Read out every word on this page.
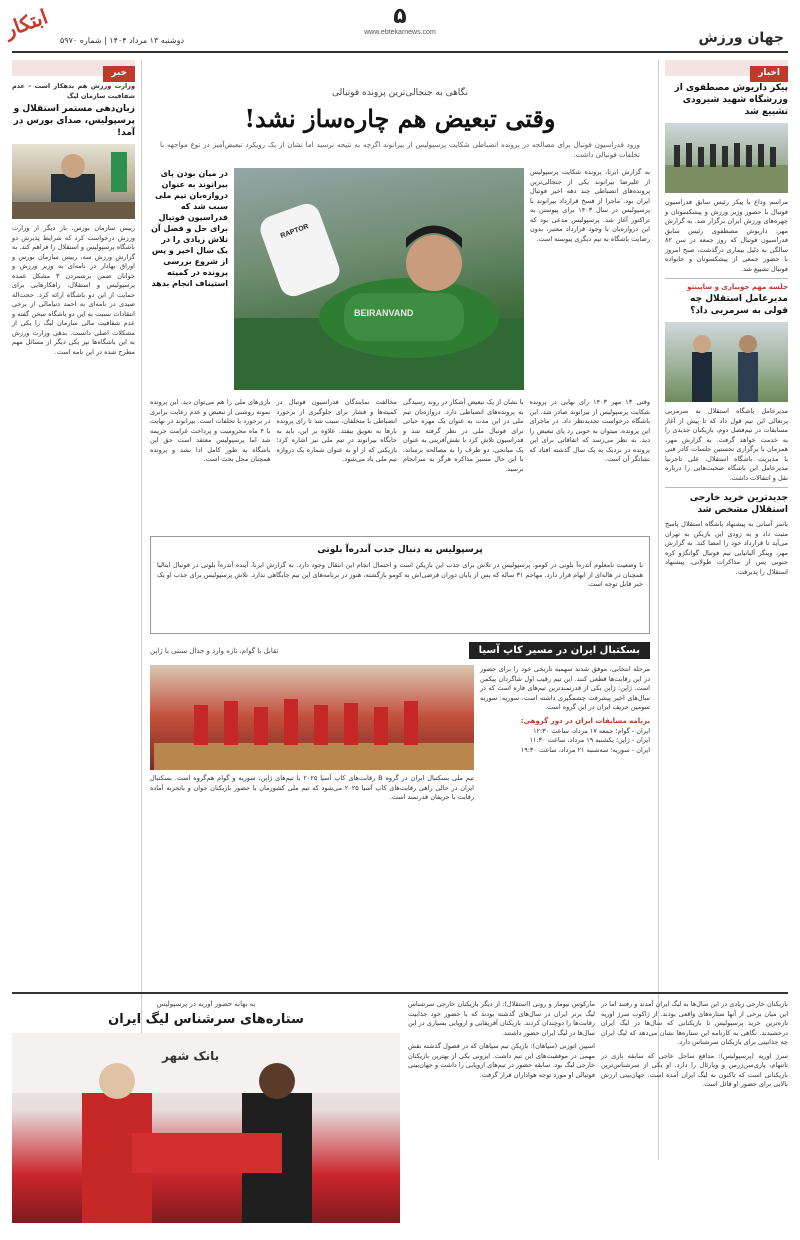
ابتکار	دوشنبه ۱۳ مرداد ۱۴۰۴ | شماره ۵۹۷۰
۵
www.ebtekarnews.com	جهان ورزش
اخبار
پیکر داریوش مصطفوی از وزرشگاه شهید شیرودی تشییع شد
مراسم وداع با پیکر رئیس سابق فدراسیون فوتبال با حضور وزیر ورزش و پیشکسوتان و چهره‌های ورزش ایران برگزار شد. به گزارش مهر، داریوش مصطفوی رئیس سابق فدراسیون فوتبال که روز جمعه در سن ۸۲ سالگی به دلیل بیماری درگذشت، صبح امروز با حضور جمعی از پیشکسوتان و خانواده فوتبال تشییع شد.
جلسه مهم جویباری و ساپینتو
مدیرعامل استقلال چه قولی به سرمربی داد؟
مدیرعامل باشگاه استقلال به سرمربی پرتغالی این تیم قول داد که تا پیش از آغاز مسابقات در نیم‌فصل دوم، بازیکنان جدیدی را به خدمت خواهد گرفت. به گزارش مهر، همزمان با برگزاری نخستین جلسات کادر فنی با مدیریت باشگاه استقلال، علی تاجرنیا مدیرعامل این باشگاه صحبت‌هایی را درباره نقل و انتقالات داشت.
جدیدترین خرید خارجی استقلال مشخص شد
یاسر آسانی به پیشنهاد باشگاه استقلال پاسخ مثبت داد و به زودی این بازیکن به تهران می‌آید تا قرارداد خود را امضا کند. به گزارش مهر، وینگر آلبانیایی تیم فوتبال گوانگژو کره جنوبی پس از مذاکرات طولانی، پیشنهاد استقلال را پذیرفت.
خبر
وزارت ورزش هم بدهکار است - عدم شفافیت سازمان لیگ
زبان‌دهی مستمر استقلال و پرسپولیس، صدای بورس در آمد!
رییس سازمان بورس، بار دیگر از وزارت ورزش درخواست کرد که شرایط پذیرش دو باشگاه پرسپولیس و استقلال را فراهم کند. به گزارش ورزش سه، رییس سازمان بورس و اوراق بهادار در نامه‌ای به وزیر ورزش و جوانان ضمن برشمردن ۳ مشکل عمده پرسپولیس و استقلال، راهکارهایی برای حمایت از این دو باشگاه ارائه کرد. حجت‌اله صیدی در نامه‌ای به احمد دنیامالی از برخی انتقادات نسبت به این دو باشگاه سخن گفته و عدم شفافیت مالی سازمان لیگ را یکی از مشکلات اصلی دانست. بدهی وزارت ورزش به این باشگاه‌ها نیز یکی دیگر از مسائل مهم مطرح شده در این نامه است.
نگاهی به جنجالی‌ترین پرونده فوتبالی
وقتی تبعیض هم چاره‌ساز نشد!
ورود فدراسیون فوتبال برای مصالحه در پرونده انضباطی شکایت پرسپولیس از بیرانوند اگرچه به نتیجه نرسید اما نشان از یک رویکرد تبعیض‌آمیز در نوع مواجهه با تخلفات فوتبالی داشت.
به گزارش ایرنا، پرونده شکایت پرسپولیس از علیرضا بیرانوند یکی از جنجالی‌ترین پرونده‌های انضباطی چند دهه اخیر فوتبال ایران بود. ماجرا از فسخ قرارداد بیرانوند با پرسپولیس در سال ۱۴۰۳ برای پیوستن به تراکتور آغاز شد. پرسپولیس مدعی بود که این دروازه‌بان با وجود قرارداد معتبر، بدون رضایت باشگاه به تیم دیگری پیوسته است.
RAPTOR
BEIRANVAND
در میان بودن پای بیرانوند به عنوان دروازه‌بان تیم ملی سبب شد که فدراسیون فوتبال برای حل و فصل آن تلاش زیادی را در یک سال اخیر و پس از شروع بررسی پرونده در کمیته استیناف انجام بدهد
وقتی ۱۳ مهر ۱۴۰۳ رای نهایی در پرونده شکایت پرسپولیس از بیرانوند صادر شد، این باشگاه درخواست تجدیدنظر داد. در ماجرای این پرونده، میتوان به خوبی رد پای تبعیض را دید. به نظر می‌رسد که اتفاقاتی برای این پرونده در نزدیک به یک سال گذشته افتاد که نشانگر آن است.
با نشان از یک تبعیض آشکار در روند رسیدگی به پرونده‌های انضباطی دارد. دروازه‌بان تیم ملی در این مدت به عنوان یک مهره حیاتی برای فوتبال ملی در نظر گرفته شد و فدراسیون تلاش کرد با نقش‌آفرینی به عنوان یک میانجی، دو طرف را به مصالحه برساند. با این حال مسیر مذاکره هرگز به سرانجام نرسید.
مخالفت نمایندگان فدراسیون فوتبال در کمیته‌ها و فشار برای جلوگیری از برخورد انضباطی با متخلفان، سبب شد تا رای پرونده بارها به تعویق بیفتد. علاوه بر این، باید به جایگاه بیرانوند در تیم ملی نیز اشاره کرد؛ بازیکنی که از او به عنوان شماره یک دروازه تیم ملی یاد می‌شود.
بازی‌های ملی را هم می‌توان دید. این پرونده نمونه روشنی از تبعیض و عدم رعایت برابری در برخورد با تخلفات است. بیرانوند در نهایت با ۴ ماه محرومیت و پرداخت غرامت جریمه شد اما پرسپولیس معتقد است حق این باشگاه به طور کامل ادا نشد و پرونده همچنان محل بحث است.
پرسپولیس به دنبال جذب آندره‌آ بلوتی
با وضعیت نامعلوم آندره‌آ بلوتی در کومو، پرسپولیس در تلاش برای جذب این بازیکن است و احتمال انجام این انتقال وجود دارد. به گزارش ایرنا، آینده آندره‌آ بلوتی در فوتبال ایتالیا همچنان در هاله‌ای از ابهام قرار دارد. مهاجم ۳۱ ساله که پس از پایان دوران قرضی‌اش به کومو بازگشته، هنوز در برنامه‌های این تیم جایگاهی ندارد. تلاش پرسپولیس برای جذب او یک خبر قابل توجه است.
بسکتبال ایران در مسیر کاپ آسیا
تقابل با گوام، تازه وارد و جدال سنتی با ژاپن
مرحله انتخابی، موفق شدند سهمیه تاریخی خود را برای حضور در این رقابت‌ها قطعی کنند. این تیم رقیب اول شاگردان پیکمن است. ژاپن: ژاپن یکی از قدرتمندترین تیم‌های قاره است که در سال‌های اخیر پیشرفت چشمگیری داشته است. سوریه: سوریه سومین حریف ایران در این گروه است.
برنامه مسابقات ایران در دور گروهی:
ایران - گوام؛ جمعه ۱۷ مرداد، ساعت ۱۲:۳۰
ایران - ژاپن؛ یکشنبه ۱۹ مرداد، ساعت ۱۱:۳۰
ایران - سوریه؛ سه‌شنبه ۲۱ مرداد، ساعت ۱۹:۳۰
تیم ملی بسکتبال ایران در گروه B رقابت‌های کاپ آسیا ۲۰۲۵ با تیم‌های ژاپن، سوریه و گوام هم‌گروه است. بسکتبال ایران در حالی راهی رقابت‌های کاپ آسیا ۲۰۲۵ می‌شود که تیم ملی کشورمان با حضور بازیکنان جوان و باتجربه آماده رقابت با حریفان قدرتمند است.
بازیکنان خارجی زیادی در این سال‌ها به لیگ ایران آمدند و رفتند اما در این میان برخی از آنها ستاره‌های واقعی بودند. از ژاکوب سرژ اوریه تازه‌ترین خرید پرسپولیس تا بازیکنانی که سال‌ها در لیگ ایران درخشیدند. نگاهی به کارنامه این ستاره‌ها نشان می‌دهد که لیگ ایران چه جذابیتی برای بازیکنان سرشناس دارد.
سرژ اوریه (پرسپولیس): مدافع ساحل عاجی که سابقه بازی در تاتنهام، پاری‌سن‌ژرمن و ویارئال را دارد. او یکی از سرشناس‌ترین بازیکنانی است که تاکنون به لیگ ایران آمده است. جهان‌بینی ارزش بالایی برای حضور او قائل است.
مارکوس نیومار و رونی (استقلال): از دیگر بازیکنان خارجی سرشناس لیگ برتر ایران در سال‌های گذشته بودند که با حضور خود جذابیت رقابت‌ها را دوچندان کردند. بازیکنان آفریقایی و اروپایی بسیاری در این سال‌ها در لیگ ایران حضور داشتند.
اسپین اتوزنی (سپاهان): بازیکن تیم سپاهان که در فصول گذشته نقش مهمی در موفقیت‌های این تیم داشت. ایزونی یکی از بهترین بازیکنان خارجی لیگ بود. سابقه حضور در تیم‌های اروپایی را داشت و جهان‌بینی فوتبالی او مورد توجه هواداران قرار گرفت.
به بهانه حضور اوریه در پرسپولیس
ستاره‌های سرشناس لیگ ایران
بانک شهر
